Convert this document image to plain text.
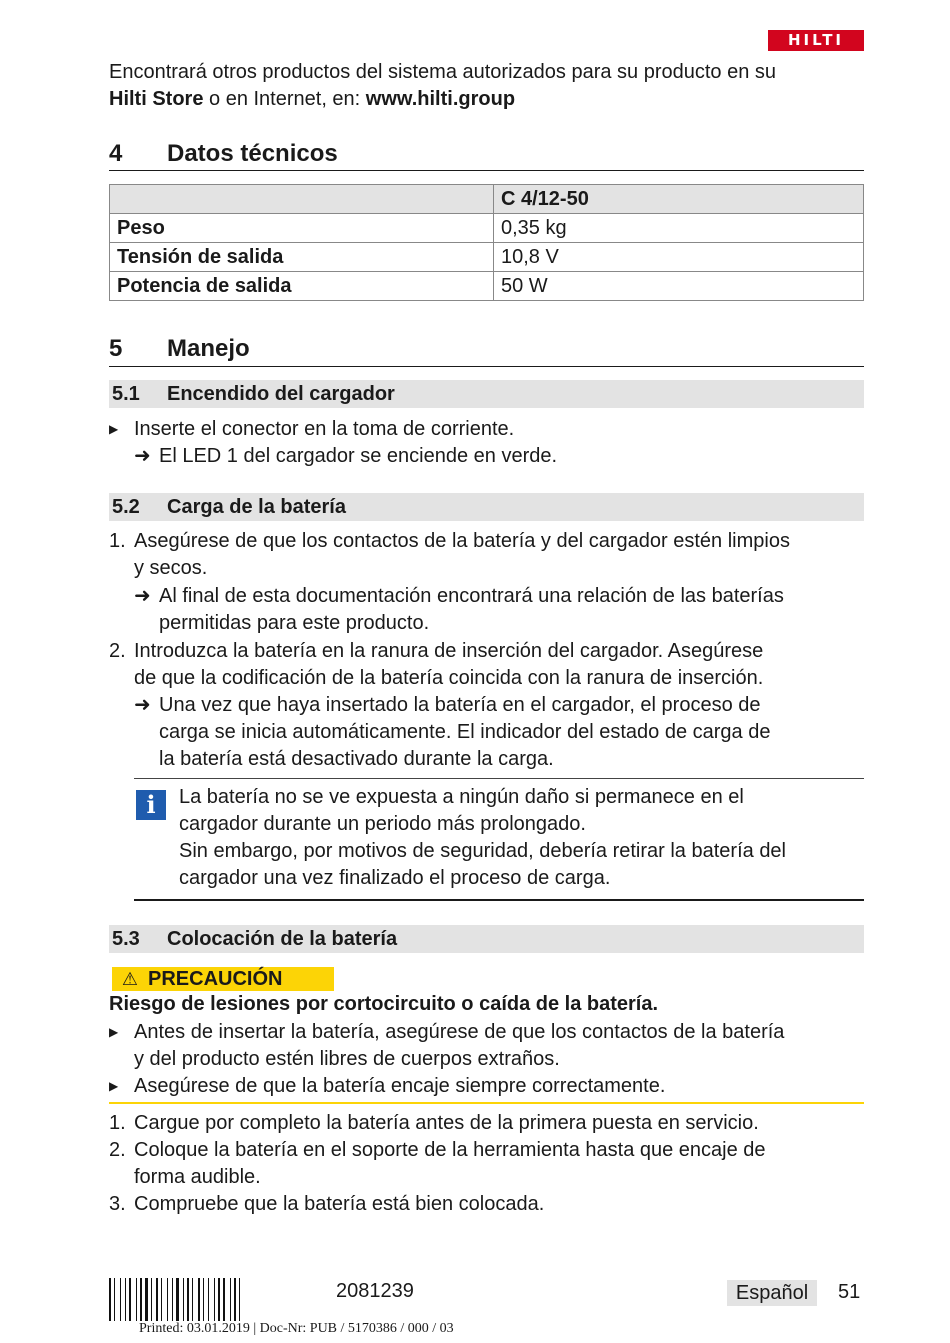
HILTI
Encontrará otros productos del sistema autorizados para su producto en su
Hilti Store o en Internet, en: www.hilti.group
4 Datos técnicos
	C 4/12-50
Peso	0,35 kg
Tensión de salida	10,8 V
Potencia de salida	50 W
5 Manejo
5.1 Encendido del cargador
▶ Inserte el conector en la toma de corriente.
➜ El LED 1 del cargador se enciende en verde.
5.2 Carga de la batería
1. Asegúrese de que los contactos de la batería y del cargador estén limpios
y secos.
➜ Al final de esta documentación encontrará una relación de las baterías
permitidas para este producto.
2. Introduzca la batería en la ranura de inserción del cargador. Asegúrese
de que la codificación de la batería coincida con la ranura de inserción.
➜ Una vez que haya insertado la batería en el cargador, el proceso de
carga se inicia automáticamente. El indicador del estado de carga de
la batería está desactivado durante la carga.
i	La batería no se ve expuesta a ningún daño si permanece en el
cargador durante un periodo más prolongado.
Sin embargo, por motivos de seguridad, debería retirar la batería del
cargador una vez finalizado el proceso de carga.
5.3 Colocación de la batería
⚠ PRECAUCIÓN
Riesgo de lesiones por cortocircuito o caída de la batería.
▶ Antes de insertar la batería, asegúrese de que los contactos de la batería
y del producto estén libres de cuerpos extraños.
▶ Asegúrese de que la batería encaje siempre correctamente.
1. Cargue por completo la batería antes de la primera puesta en servicio.
2. Coloque la batería en el soporte de la herramienta hasta que encaje de
forma audible.
3. Compruebe que la batería está bien colocada.
2081239	Español	51
Printed: 03.01.2019 | Doc-Nr: PUB / 5170386 / 000 / 03
